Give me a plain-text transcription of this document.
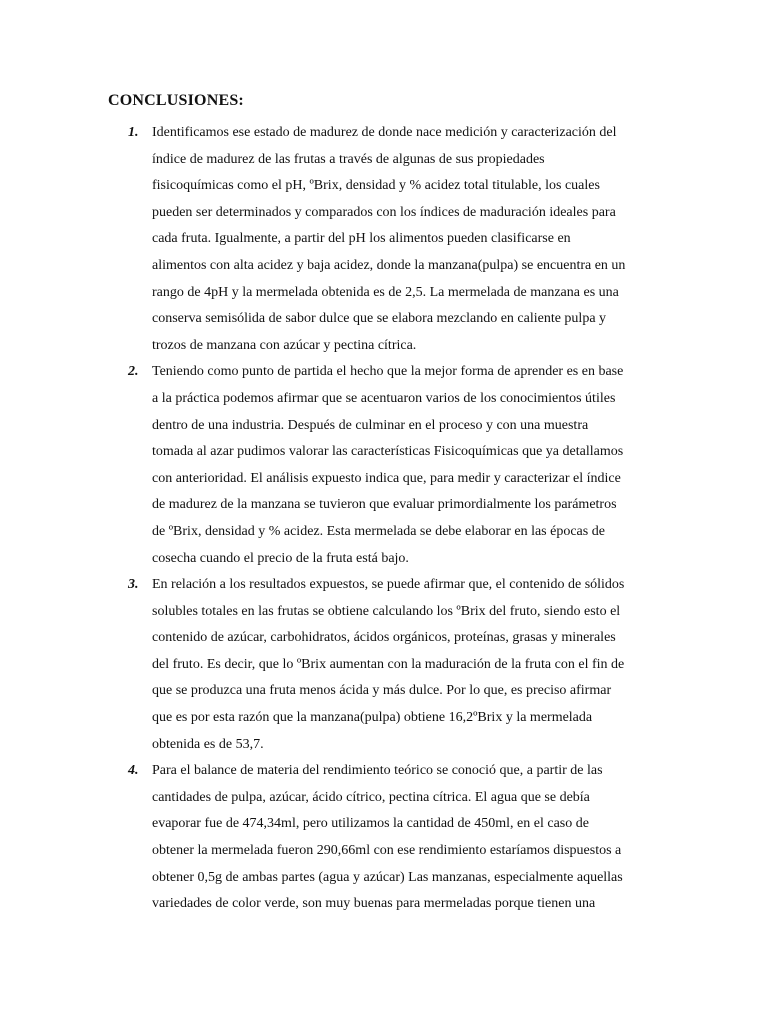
CONCLUSIONES:
1. Identificamos ese estado de madurez de donde nace medición y caracterización del
índice de madurez de las frutas a través de algunas de sus propiedades
fisicoquímicas como el pH, ºBrix, densidad y % acidez total titulable, los cuales
pueden ser determinados y comparados con los índices de maduración ideales para
cada fruta. Igualmente, a partir del pH los alimentos pueden clasificarse en
alimentos con alta acidez y baja acidez, donde la manzana(pulpa) se encuentra en un
rango de 4pH y la mermelada obtenida es de 2,5. La mermelada de manzana es una
conserva semisólida de sabor dulce que se elabora mezclando en caliente pulpa y
trozos de manzana con azúcar y pectina cítrica.

2. Teniendo como punto de partida el hecho que la mejor forma de aprender es en base
a la práctica podemos afirmar que se acentuaron varios de los conocimientos útiles
dentro de una industria. Después de culminar en el proceso y con una muestra
tomada al azar pudimos valorar las características Fisicoquímicas que ya detallamos
con anterioridad. El análisis expuesto indica que, para medir y caracterizar el índice
de madurez de la manzana se tuvieron que evaluar primordialmente los parámetros
de ºBrix, densidad y % acidez. Esta mermelada se debe elaborar en las épocas de
cosecha cuando el precio de la fruta está bajo.

3. En relación a los resultados expuestos, se puede afirmar que, el contenido de sólidos
solubles totales en las frutas se obtiene calculando los ºBrix del fruto, siendo esto el
contenido de azúcar, carbohidratos, ácidos orgánicos, proteínas, grasas y minerales
del fruto. Es decir, que lo ºBrix aumentan con la maduración de la fruta con el fin de
que se produzca una fruta menos ácida y más dulce. Por lo que, es preciso afirmar
que es por esta razón que la manzana(pulpa) obtiene 16,2ºBrix y la mermelada
obtenida es de 53,7.

4. Para el balance de materia del rendimiento teórico se conoció que, a partir de las
cantidades de pulpa, azúcar, ácido cítrico, pectina cítrica. El agua que se debía
evaporar fue de 474,34ml, pero utilizamos la cantidad de 450ml, en el caso de
obtener la mermelada fueron 290,66ml con ese rendimiento estaríamos dispuestos a
obtener 0,5g de ambas partes (agua y azúcar) Las manzanas, especialmente aquellas
variedades de color verde, son muy buenas para mermeladas porque tienen una
